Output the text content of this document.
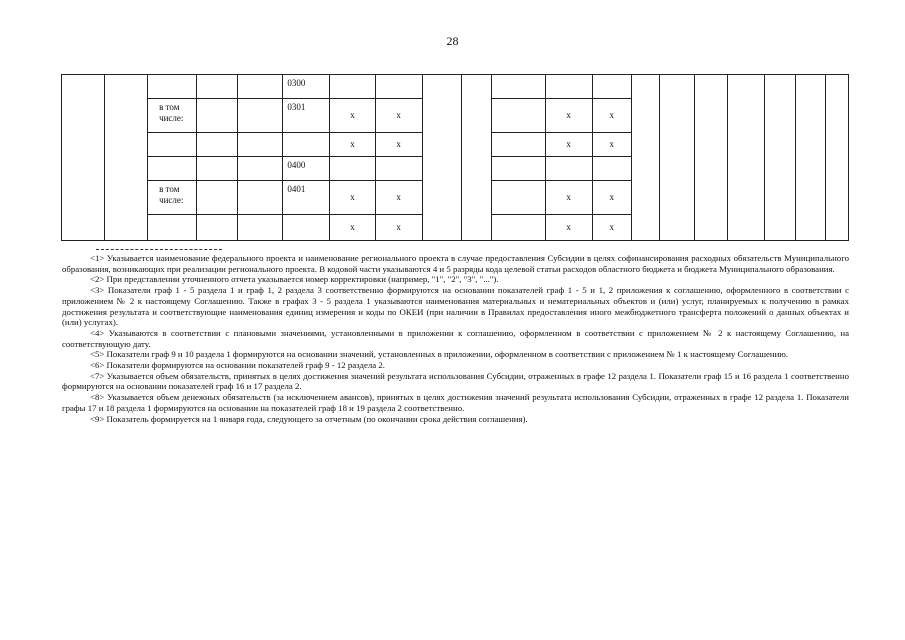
28
					0300														
		в том числе:			0301	x	x				x	x							
						x	x				x	x							
					0400														
		в том числе:			0401	x	x				x	x							
						x	x				x	x							

<1> Указывается наименование федерального проекта и наименование регионального проекта в случае предоставления Субсидии в целях софинансирования расходных обязательств Муниципального образования, возникающих при реализации регионального проекта. В кодовой части указываются 4 и 5 разряды кода целевой статьи расходов областного бюджета и бюджета Муниципального образования.

<2> При представлении уточненного отчета указывается номер корректировки (например, "1", "2", "3", "...").

<3> Показатели граф 1 - 5 раздела 1 и граф 1, 2 раздела 3 соответственно формируются на основании показателей граф 1 - 5 и 1, 2 приложения к соглашению, оформленного в соответствии с приложением № 2 к настоящему Соглашению. Также в графах 3 - 5 раздела 1 указываются наименования материальных и нематериальных объектов и (или) услуг, планируемых к получению в рамках достижения результата и соответствующие наименования единиц измерения и коды по ОКЕИ (при наличии в Правилах предоставления иного межбюджетного трансферта положений о данных объектах и (или) услугах).

<4> Указываются в соответствии с плановыми значениями, установленными в приложении к соглашению, оформленном в соответствии с приложением № 2 к настоящему Соглашению, на соответствующую дату.

<5> Показатели граф 9 и 10 раздела 1 формируются на основании значений, установленных в приложении, оформленном в соответствии с приложением № 1 к настоящему Соглашению.

<6> Показатели формируются на основании показателей граф 9 - 12 раздела 2.

<7> Указывается объем обязательств, принятых в целях достижения значений результата использования Субсидии, отраженных в графе 12 раздела 1. Показатели граф 15 и 16 раздела 1 соответственно формируются на основании показателей граф 16 и 17 раздела 2.

<8> Указывается объем денежных обязательств (за исключением авансов), принятых в целях достижения значений результата использования Субсидии, отраженных в графе 12 раздела 1. Показатели графы 17 и 18 раздела 1 формируются на основании на показателей граф 18 и 19 раздела 2 соответственно.

<9> Показатель формируется на 1 января года, следующего за отчетным (по окончании срока действия соглашения).
